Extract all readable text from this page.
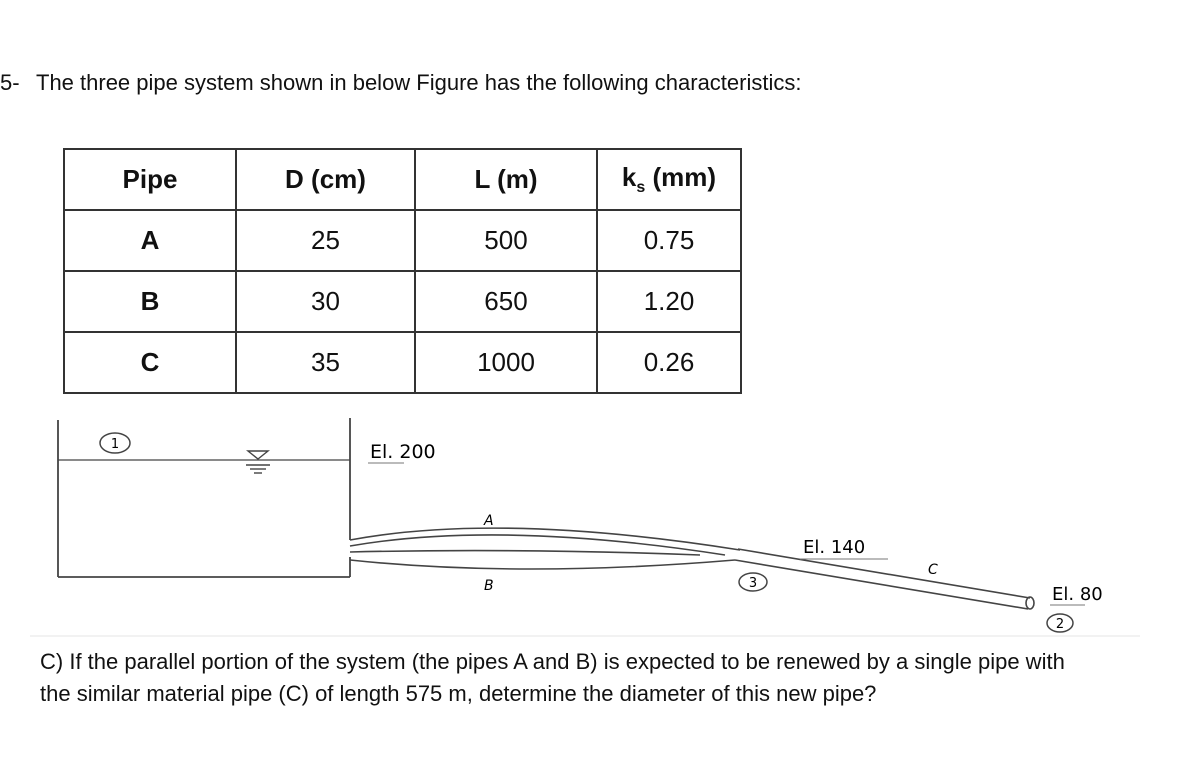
5- The three pipe system shown in below Figure has the following characteristics:
Pipe	D (cm)	L (m)	$k_s$ (mm)
A	25	500	0.75
B	30	650	1.20
C	35	1000	0.26
1	El. 200
A
B
C
3
El. 140
El. 80
2
C) If the parallel portion of the system (the pipes A and B) is expected to be renewed by a single pipe with the similar material pipe (C) of length 575 m, determine the diameter of this new pipe?
